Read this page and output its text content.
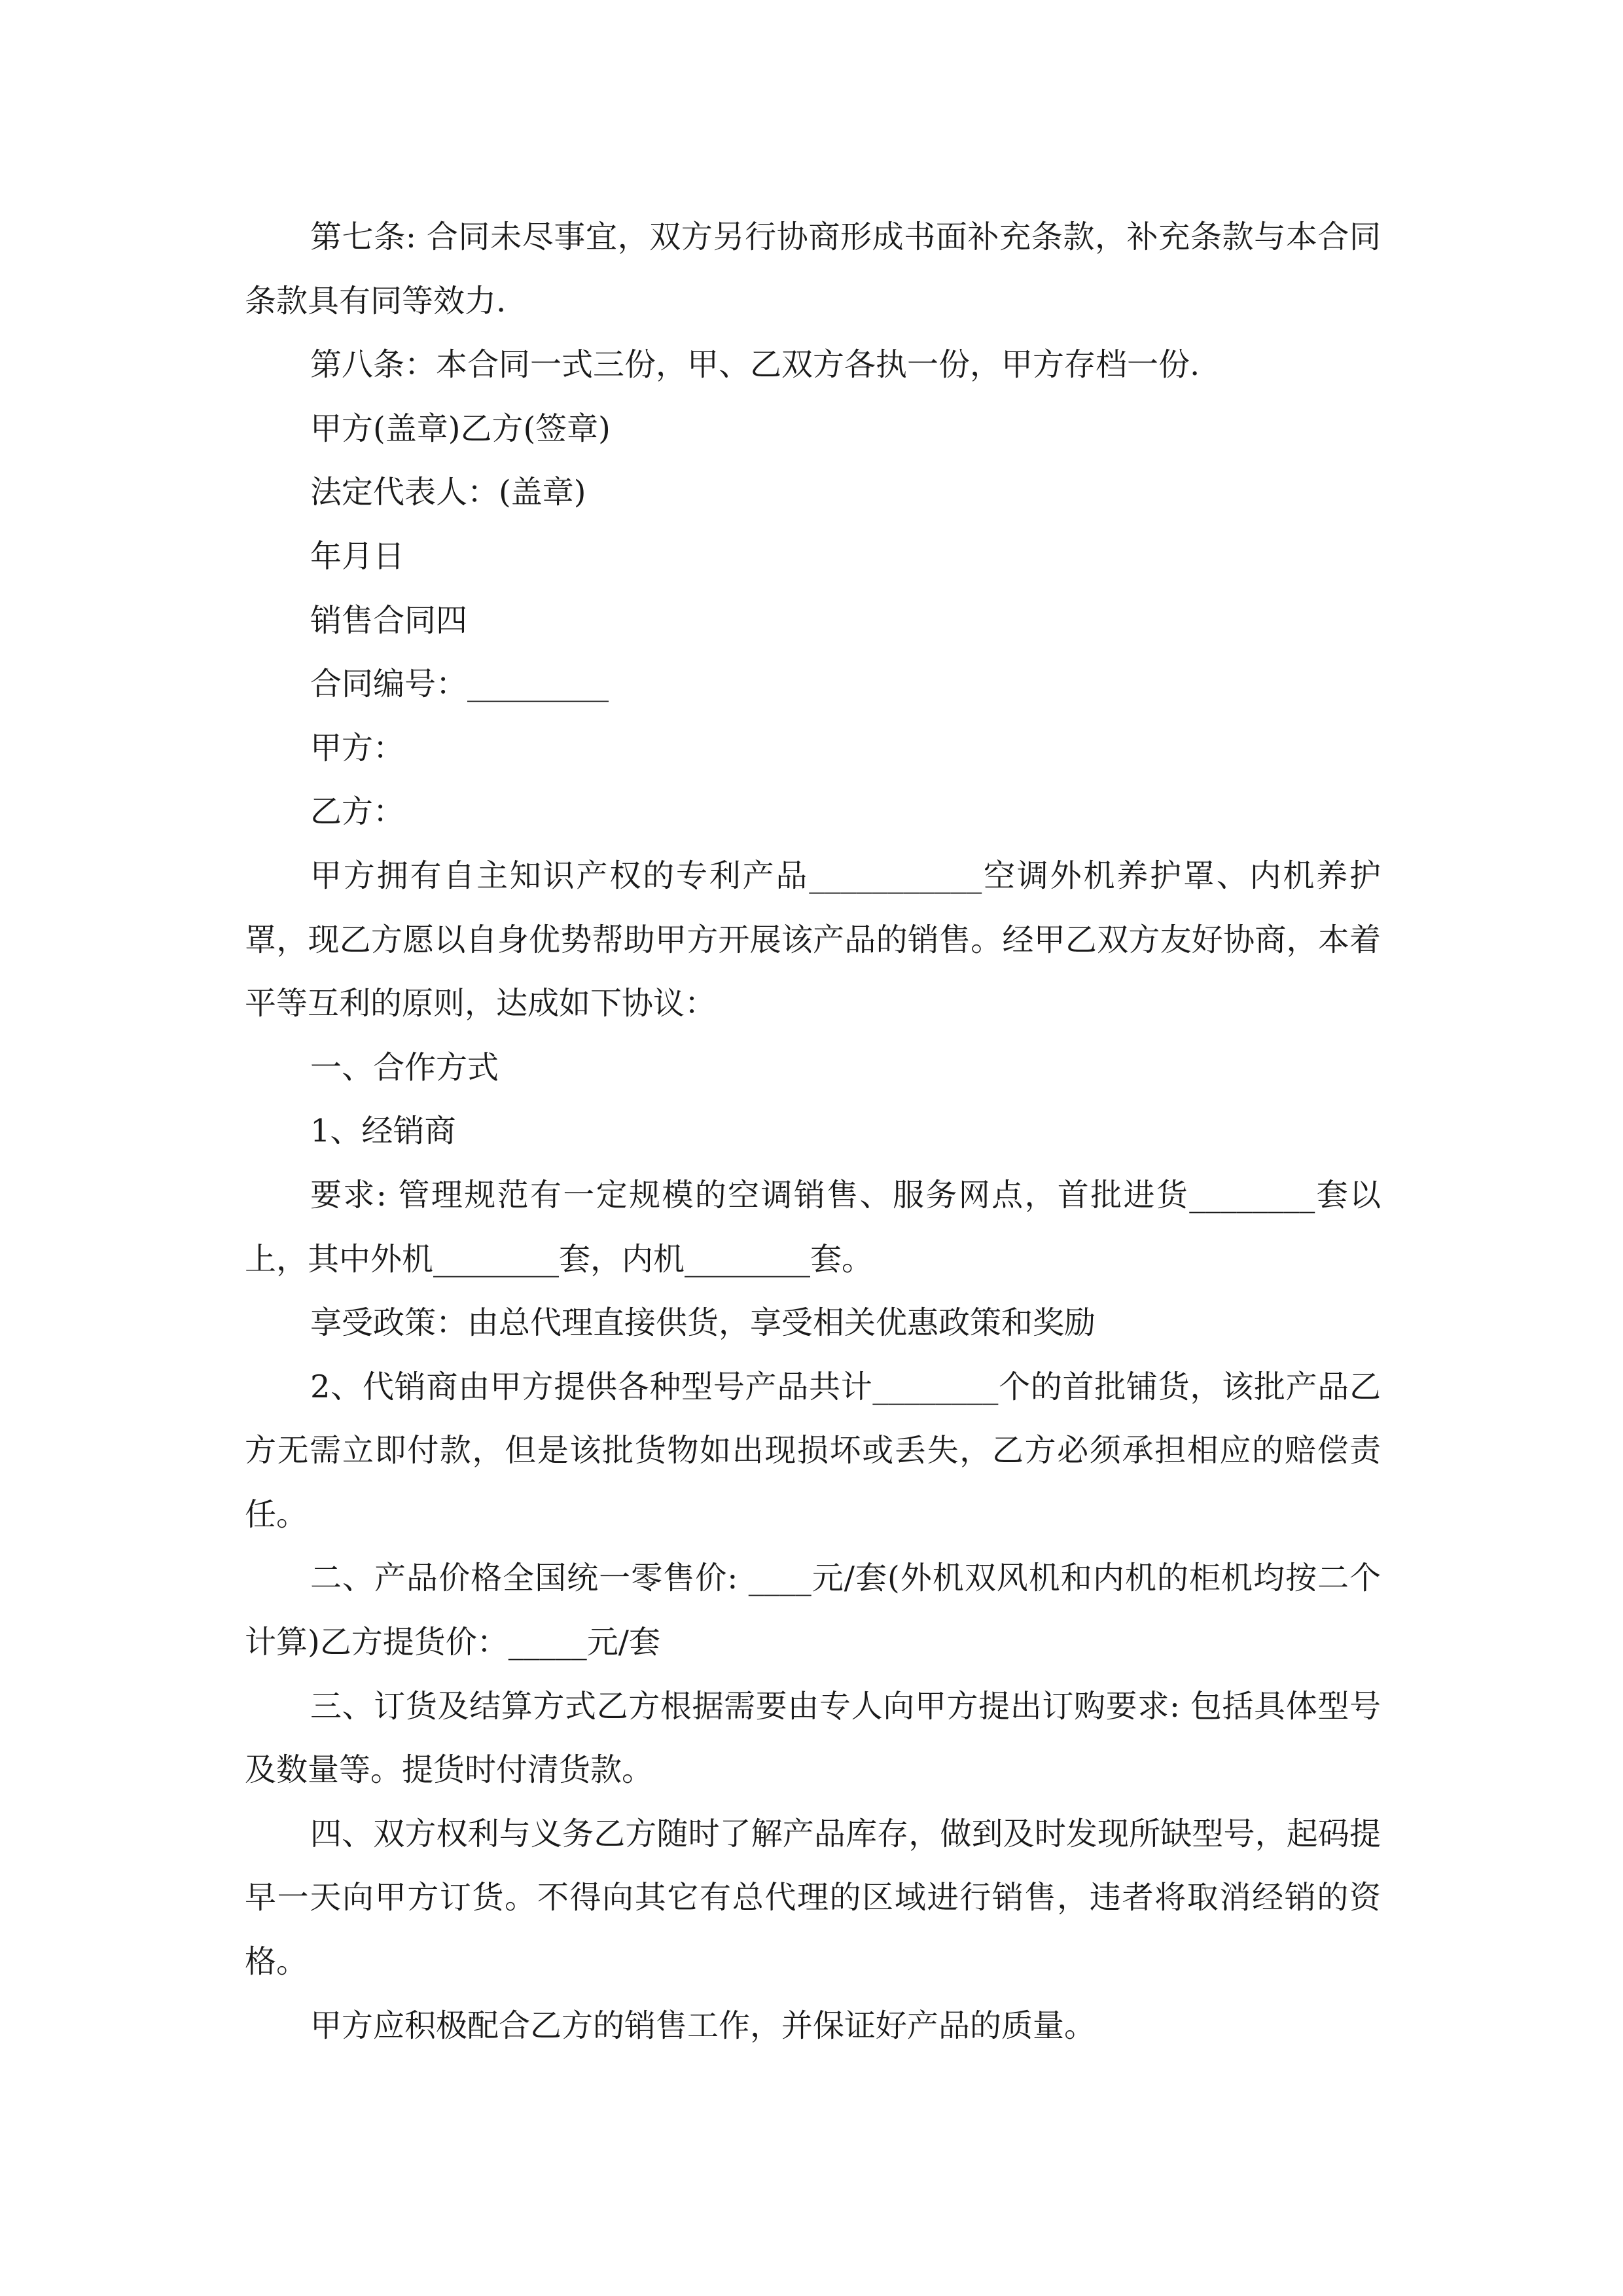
第七条: 合同未尽事宜，双方另行协商形成书面补充条款，补充条款与本合同条款具有同等效力.

第八条：本合同一式三份，甲、乙双方各执一份，甲方存档一份.

甲方(盖章)乙方(签章)

法定代表人：(盖章)

年月日

销售合同四

合同编号：_________

甲方：

乙方：

甲方拥有自主知识产权的专利产品___________空调外机养护罩、内机养护罩，现乙方愿以自身优势帮助甲方开展该产品的销售。经甲乙双方友好协商，本着平等互利的原则，达成如下协议：

一、合作方式

1、经销商

要求: 管理规范有一定规模的空调销售、服务网点，首批进货________套以上，其中外机________套，内机________套。

享受政策：由总代理直接供货，享受相关优惠政策和奖励

2、代销商由甲方提供各种型号产品共计________个的首批铺货，该批产品乙方无需立即付款，但是该批货物如出现损坏或丢失，乙方必须承担相应的赔偿责任。

二、产品价格全国统一零售价: ____元/套(外机双风机和内机的柜机均按二个计算)乙方提货价：_____元/套

三、订货及结算方式乙方根据需要由专人向甲方提出订购要求: 包括具体型号及数量等。提货时付清货款。

四、双方权利与义务乙方随时了解产品库存，做到及时发现所缺型号，起码提早一天向甲方订货。不得向其它有总代理的区域进行销售，违者将取消经销的资格。

甲方应积极配合乙方的销售工作，并保证好产品的质量。
